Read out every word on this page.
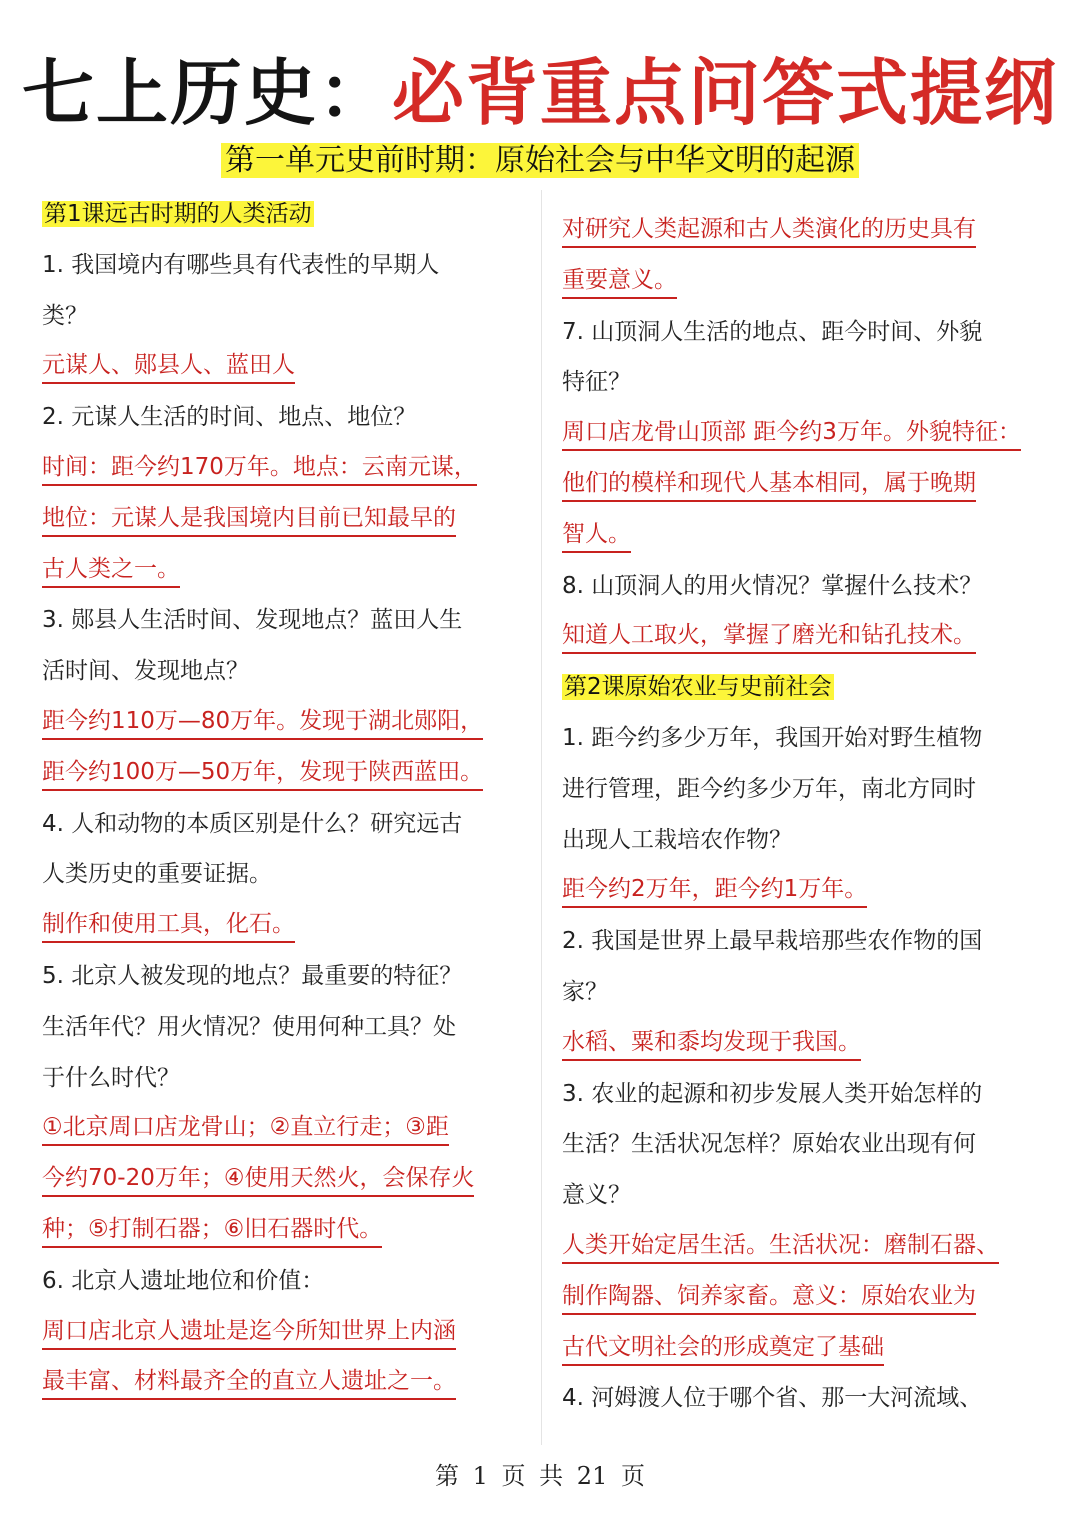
七上历史：必背重点问答式提纲
第一单元史前时期：原始社会与中华文明的起源
第1课远古时期的人类活动
1. 我国境内有哪些具有代表性的早期人
类？
元谋人、郧县人、蓝田人
2. 元谋人生活的时间、地点、地位？
时间：距今约170万年。地点：云南元谋，
地位：元谋人是我国境内目前已知最早的
古人类之一。
3. 郧县人生活时间、发现地点？蓝田人生
活时间、发现地点？
距今约110万—80万年。发现于湖北郧阳，
距今约100万—50万年，发现于陕西蓝田。
4. 人和动物的本质区别是什么？研究远古
人类历史的重要证据。
制作和使用工具，化石。
5. 北京人被发现的地点？最重要的特征？
生活年代？用火情况？使用何种工具？处
于什么时代？
①北京周口店龙骨山；②直立行走；③距
今约70-20万年；④使用天然火，会保存火
种；⑤打制石器；⑥旧石器时代。
6. 北京人遗址地位和价值：
周口店北京人遗址是迄今所知世界上内涵
最丰富、材料最齐全的直立人遗址之一。
对研究人类起源和古人类演化的历史具有
重要意义。
7. 山顶洞人生活的地点、距今时间、外貌
特征？
周口店龙骨山顶部 距今约3万年。外貌特征：
他们的模样和现代人基本相同，属于晚期
智人。
8. 山顶洞人的用火情况？掌握什么技术？
知道人工取火，掌握了磨光和钻孔技术。
第2课原始农业与史前社会
1. 距今约多少万年，我国开始对野生植物
进行管理，距今约多少万年，南北方同时
出现人工栽培农作物？
距今约2万年，距今约1万年。
2. 我国是世界上最早栽培那些农作物的国
家？
水稻、粟和黍均发现于我国。
3. 农业的起源和初步发展人类开始怎样的
生活？生活状况怎样？原始农业出现有何
意义？
人类开始定居生活。生活状况：磨制石器、
制作陶器、饲养家畜。意义：原始农业为
古代文明社会的形成奠定了基础
4. 河姆渡人位于哪个省、那一大河流域、
第 1 页 共 21 页
